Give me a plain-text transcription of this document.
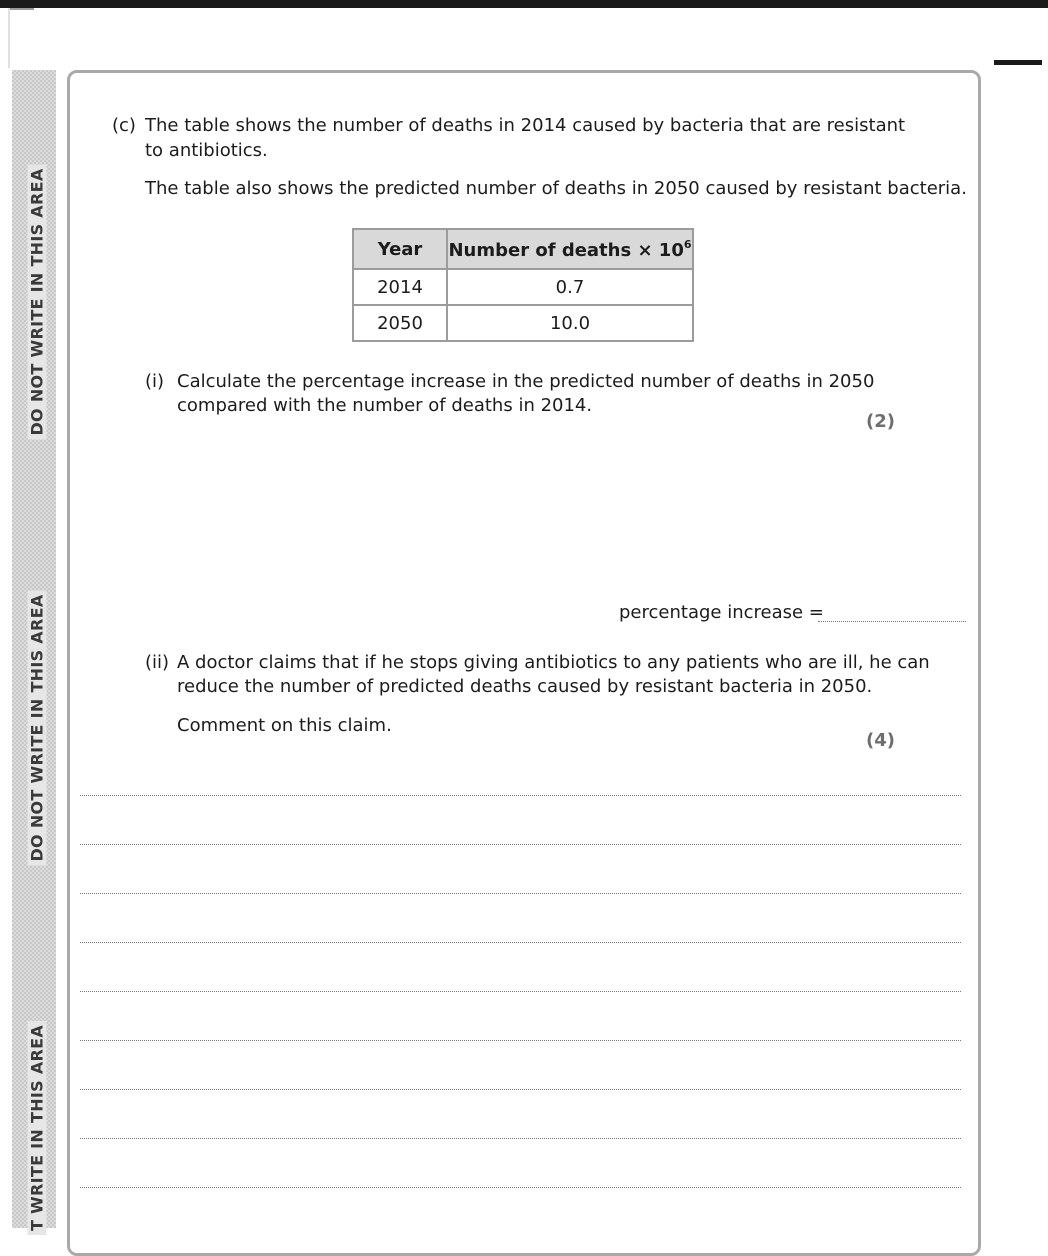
DO NOT WRITE IN THIS AREA
DO NOT WRITE IN THIS AREA
T WRITE IN THIS AREA
(c) The table shows the number of deaths in 2014 caused by bacteria that are resistant
to antibiotics.
The table also shows the predicted number of deaths in 2050 caused by resistant bacteria.
Year	Number of deaths × $10^6$
2014	0.7
2050	10.0
(i) Calculate the percentage increase in the predicted number of deaths in 2050
compared with the number of deaths in 2014.
(2)
percentage increase =
(ii) A doctor claims that if he stops giving antibiotics to any patients who are ill, he can
reduce the number of predicted deaths caused by resistant bacteria in 2050.
Comment on this claim.
(4)
